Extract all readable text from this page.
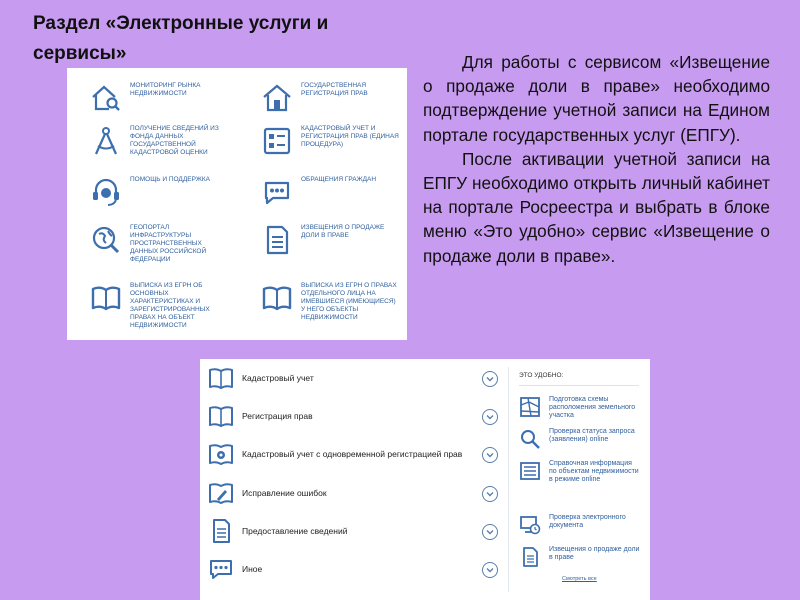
Раздел «Электронные услуги и сервисы»	Для работы с сервисом «Извещение о продаже доли в праве» необходимо подтверждение учетной записи на Едином портале государственных услуг (ЕПГУ).

После активации учетной записи на ЕПГУ необходимо открыть личный кабинет на портале Росреестра и выбрать в блоке меню «Это удобно» сервис «Извещение о продаже доли в праве».

МОНИТОРИНГ РЫНКА НЕДВИЖИМОСТИ
ГОСУДАРСТВЕННАЯ РЕГИСТРАЦИЯ ПРАВ
ПОЛУЧЕНИЕ СВЕДЕНИЙ ИЗ ФОНДА ДАННЫХ ГОСУДАРСТВЕННОЙ КАДАСТРОВОЙ ОЦЕНКИ
КАДАСТРОВЫЙ УЧЕТ И РЕГИСТРАЦИЯ ПРАВ (ЕДИНАЯ ПРОЦЕДУРА)
ПОМОЩЬ И ПОДДЕРЖКА	ОБРАЩЕНИЯ ГРАЖДАН
ГЕОПОРТАЛ ИНФРАСТРУКТУРЫ ПРОСТРАНСТВЕННЫХ ДАННЫХ РОССИЙСКОЙ ФЕДЕРАЦИИ
ИЗВЕЩЕНИЯ О ПРОДАЖЕ ДОЛИ В ПРАВЕ
ВЫПИСКА ИЗ ЕГРН ОБ ОСНОВНЫХ ХАРАКТЕРИСТИКАХ И ЗАРЕГИСТРИРОВАННЫХ ПРАВАХ НА ОБЪЕКТ НЕДВИЖИМОСТИ
ВЫПИСКА ИЗ ЕГРН О ПРАВАХ ОТДЕЛЬНОГО ЛИЦА НА ИМЕВШИЕСЯ (ИМЕЮЩИЕСЯ) У НЕГО ОБЪЕКТЫ НЕДВИЖИМОСТИ
Кадастровый учет
Регистрация прав
Кадастровый учет с одновременной регистрацией прав
Исправление ошибок
Предоставление сведений
Иное
ЭТО УДОБНО:
Подготовка схемы расположения земельного участка
Проверка статуса запроса (заявления) online
Справочная информация по объектам недвижимости в режиме online
Проверка электронного документа
Извещения о продаже доли в праве
Смотреть все
